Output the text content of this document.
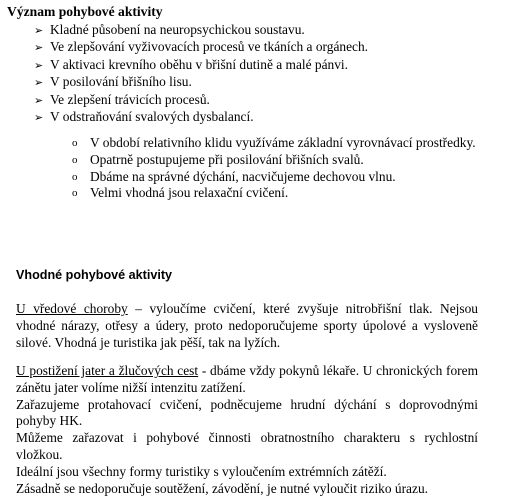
Význam pohybové aktivity
➢ Kladné působení na neuropsychickou soustavu.
➢ Ve zlepšování vyživovacích procesů ve tkáních a orgánech.
➢ V aktivaci krevního oběhu v břišní dutině a malé pánvi.
➢ V posilování břišního lisu.
➢ Ve zlepšení trávicích procesů.
➢ V odstraňování svalových dysbalancí.
o V období relativního klidu využíváme základní vyrovnávací prostředky.
o Opatrně postupujeme při posilování břišních svalů.
o Dbáme na správné dýchání, nacvičujeme dechovou vlnu.
o Velmi vhodná jsou relaxační cvičení.
Vhodné pohybové aktivity
U vředové choroby – vyloučíme cvičení, které zvyšuje nitrobřišní tlak. Nejsou vhodné nárazy, otřesy a údery, proto nedoporučujeme sporty úpolové a vysloveně silové. Vhodná je turistika jak pěší, tak na lyžích.
U postižení jater a žlučových cest - dbáme vždy pokynů lékaře. U chronických forem zánětu jater volíme nižší intenzitu zatížení.
Zařazujeme protahovací cvičení, podněcujeme hrudní dýchání s doprovodnými pohyby HK.
Můžeme zařazovat i pohybové činnosti obratnostního charakteru s rychlostní vložkou.
Ideální jsou všechny formy turistiky s vyloučením extrémních zátěží.
Zásadně se nedoporučuje soutěžení, závodění, je nutné vyloučit riziko úrazu.
